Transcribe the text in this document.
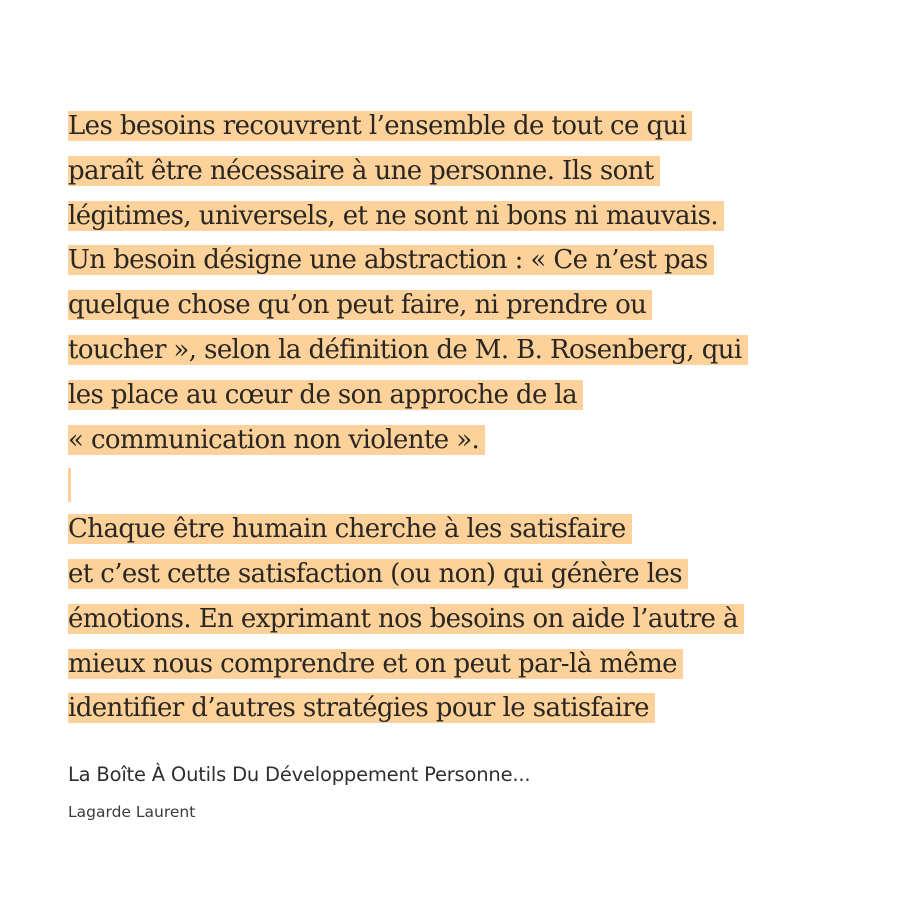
Les besoins recouvrent l’ensemble de tout ce qui
paraît être nécessaire à une personne. Ils sont
légitimes, universels, et ne sont ni bons ni mauvais.
Un besoin désigne une abstraction : « Ce n’est pas
quelque chose qu’on peut faire, ni prendre ou
toucher », selon la définition de M. B. Rosenberg, qui
les place au cœur de son approche de la
« communication non violente ».
Chaque être humain cherche à les satisfaire
et c’est cette satisfaction (ou non) qui génère les
émotions. En exprimant nos besoins on aide l’autre à
mieux nous comprendre et on peut par-là même
identifier d’autres stratégies pour le satisfaire
La Boîte À Outils Du Développement Personne...
Lagarde Laurent
